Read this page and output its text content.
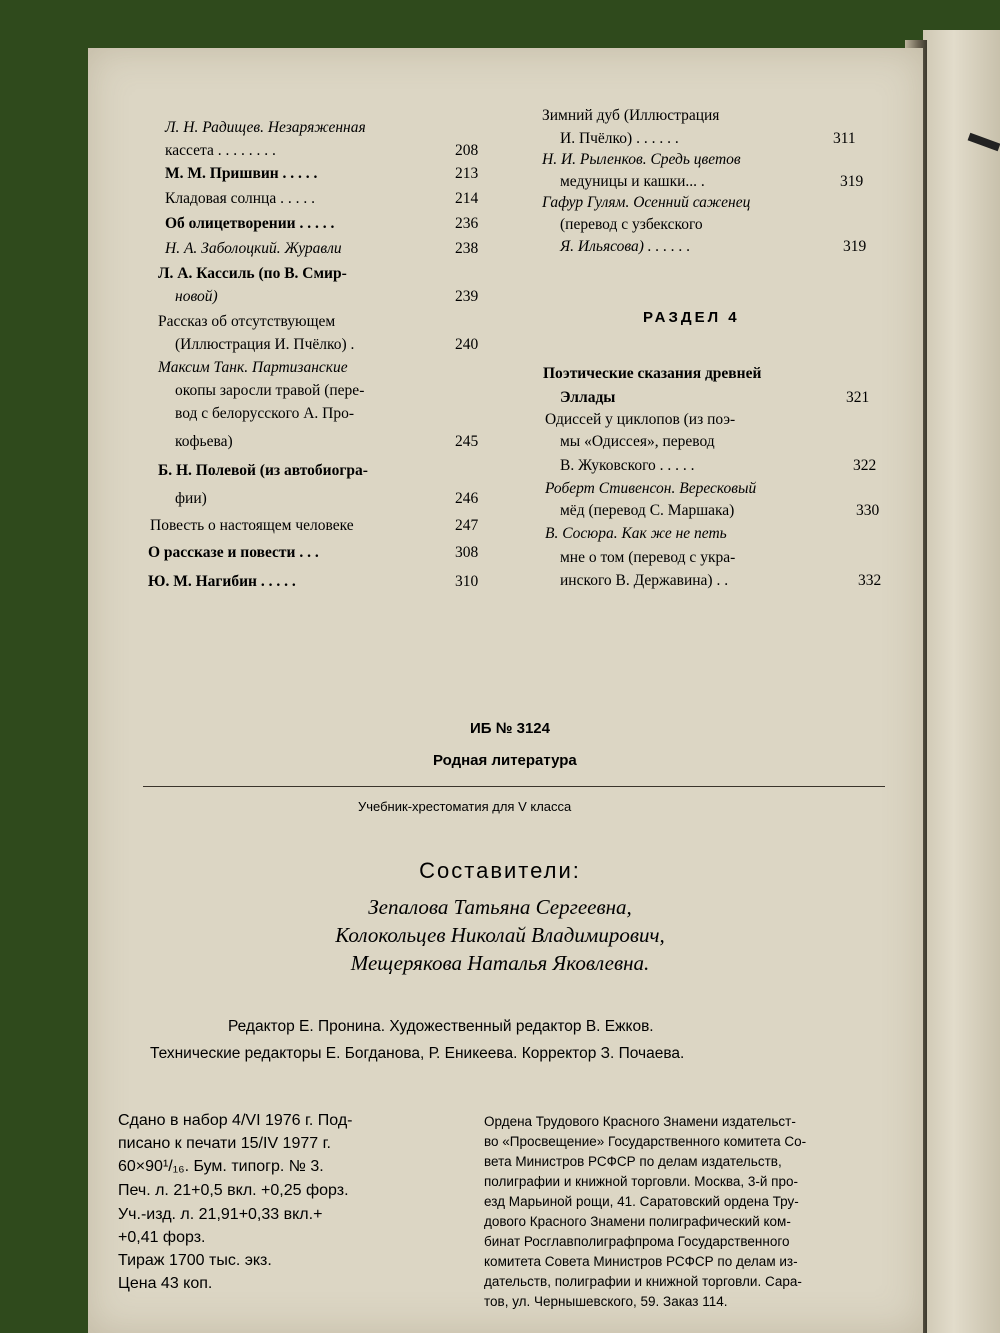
Л. Н. Радищев. Незаряженная
кассета . . . . . . . .	208
М. М. Пришвин . . . . .	213
Кладовая солнца . . . . .	214
Об олицетворении . . . . .	236
Н. А. Заболоцкий. Журавли	238
Л. А. Кассиль (по В. Смир-
новой)	239
Рассказ об отсутствующем
(Иллюстрация И. Пчёлко) .	240
Максим Танк. Партизанские
окопы заросли травой (пере-
вод с белорусского А. Про-
кофьева)	245
Б. Н. Полевой (из автобиогра-
фии)	246
Повесть о настоящем человеке	247
О рассказе и повести . . .	308
Ю. М. Нагибин . . . . .	310
Зимний дуб (Иллюстрация
И. Пчёлко) . . . . . .	311
Н. И. Рыленков. Средь цветов
медуницы и кашки... .	319
Гафур Гулям. Осенний саженец
(перевод с узбекского
Я. Ильясова) . . . . . .	319
РАЗДЕЛ 4
Поэтические сказания древней
Эллады	321
Одиссей у циклопов (из поэ-
мы «Одиссея», перевод
В. Жуковского . . . . .	322
Роберт Стивенсон. Вересковый
мёд (перевод С. Маршака)	330
В. Сосюра. Как же не петь
мне о том (перевод с укра-
инского В. Державина) . .	332
ИБ № 3124
Родная литература
Учебник-хрестоматия для V класса
Составители:
Зепалова Татьяна Сергеевна,
Колокольцев Николай Владимирович,
Мещерякова Наталья Яковлевна.
Редактор Е. Пронина. Художественный редактор В. Ежков.
Технические редакторы Е. Богданова, Р. Еникеева. Корректор З. Почаева.
Сдано в набор 4/VI 1976 г. Под-
писано к печати 15/IV 1977 г.
60×90¹/₁₆. Бум. типогр. № 3.
Печ. л. 21+0,5 вкл. +0,25 форз.
Уч.-изд. л. 21,91+0,33 вкл.+
+0,41 форз.
Тираж 1700 тыс. экз.
Цена 43 коп.
Ордена Трудового Красного Знамени издательст-
во «Просвещение» Государственного комитета Со-
вета Министров РСФСР по делам издательств,
полиграфии и книжной торговли. Москва, 3-й про-
езд Марьиной рощи, 41. Саратовский ордена Тру-
дового Красного Знамени полиграфический ком-
бинат Росглавполиграфпрома Государственного
комитета Совета Министров РСФСР по делам из-
дательств, полиграфии и книжной торговли. Сара-
тов, ул. Чернышевского, 59. Заказ 114.
